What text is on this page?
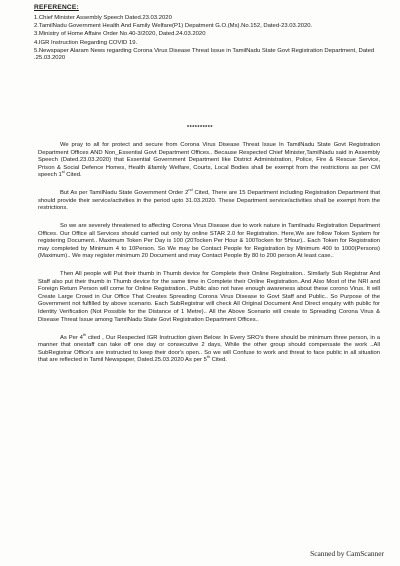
REFERENCE:
1.Chief Minister Assembly Speech Dated.23.03.2020
2.TamilNadu Government Health And Family Welfare(P1) Depatment G.O.(Ms).No.152, Dated-23.03.2020.
3.Ministry of Home Affaire Order No.40-3/2020, Dated.24.03.2020
4.IGR Instruction Regarding COVID 19.
5.Newspaper Alaram News regarding Corona Virus Disease Threat Issue in TamilNadu State Govt Registration Department, Dated .25.03.2020
**********

We pray to all for protect and secure from Corona Virus Disease Threat Issue In TamilNadu State Govt Registration Department Offices AND Non_Essential Govt Department Offices.. Because Respected Chief Minister,TamilNadu said in Assembly Speech (Dated.23.03.2020) that Essential Government Department like District Administration, Police, Fire & Rescue Service, Prison & Social Defence Homes, Health &family Welfare, Courts, Local Bodies shall be exempt from the restrictions as per CM speech 1st Cited.

But As per TamilNadu State Government Order 2nd Cited, There are 15 Department including Registration Department that should provide their service/activities in the period upto 31.03.2020. These Department service/activities shall be exempt from the restrictions.

So we are severely threatened to affecting Corona Virus Disease due to work nature in Tamilnadu Registration Department Offices. Our Office all Services should carried out only by online STAR 2.0 for Registration. Here,We are follow Token System for registering Document.. Maximum Token Per Day is 100 (20Tocken Per Hour & 100Tocken for 5Hour).. Each Token for Registration may completed by Minimum 4 to 10Person. So We may be Contact People for Registration by Minimum 400 to 1000(Persons)(Maximum).. We may register minimum 20 Document and may Contact People By 80 to 200 person At least case..

Then All people will Put their thumb in Thumb device for Complete their Online Registration.. Similarly Sub Registrar And Staff also put their thumb in Thumb device for the same time in Complete their Online Registration..And Also Most of the NRI and Foreign Return Person will come for Online Registration.. Public also not have enough awareness about these corono Virus. It will Create Large Crowd in Our Office That Creates Spreading Corona Virus Disease to Govt Staff and Public.. So Purpose of the Government not fulfilled by above scenario. Each SubRegistrar will check All Original Document And Direct enquiry with public for Identity Verification (Not Possible for the Distance of 1 Metre).. All the Above Scenario will create to Spreading Corona Virus & Disease Threat Issue among TamilNadu State Govt Registration Department Offices..

As Per 4th cited , Our Respected IGR Instruction given Below: In Every SRO's there should be minimum three person, in a manner that onestaff can take off one day or consecutive 2 days, While the other group should compensate the work ..All SubRegistrar Office's are instructed to keep their door's open.. So we will Confuse to work and threat to face public in all situation that are reflected in Tamil Newspaper, Dated.25.03.2020 As per 5th Cited.

Scanned by CamScanner
